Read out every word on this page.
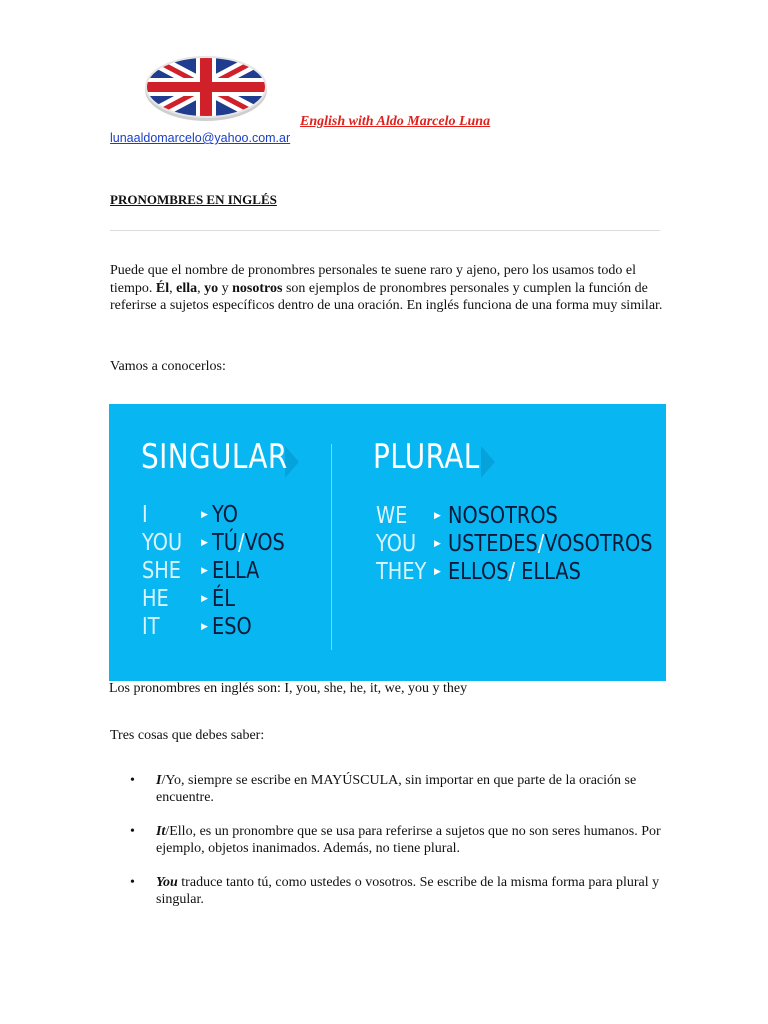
English with Aldo Marcelo Luna
lunaaldomarcelo@yahoo.com.ar
PRONOMBRES EN INGLÉS
Puede que el nombre de pronombres personales te suene raro y ajeno, pero los usamos todo el tiempo. Él, ella, yo y nosotros son ejemplos de pronombres personales y cumplen la función de referirse a sujetos específicos dentro de una oración. En inglés funciona de una forma muy similar.
Vamos a conocerlos:
SINGULAR	PLURAL
I	▶ YO
YOU ▶ TÚ/VOS
SHE ▶ ELLA
HE	▶ ÉL
IT	▶ ESO
WE	▶ NOSOTROS
YOU ▶ USTEDES/VOSOTROS
THEY ▶ ELLOS/ ELLAS
Los pronombres en inglés son: I, you, she, he, it, we, you y they
Tres cosas que debes saber:
• I/Yo, siempre se escribe en MAYÚSCULA, sin importar en que parte de la oración se encuentre.
• It/Ello, es un pronombre que se usa para referirse a sujetos que no son seres humanos. Por ejemplo, objetos inanimados. Además, no tiene plural.
• You traduce tanto tú, como ustedes o vosotros. Se escribe de la misma forma para plural y singular.
